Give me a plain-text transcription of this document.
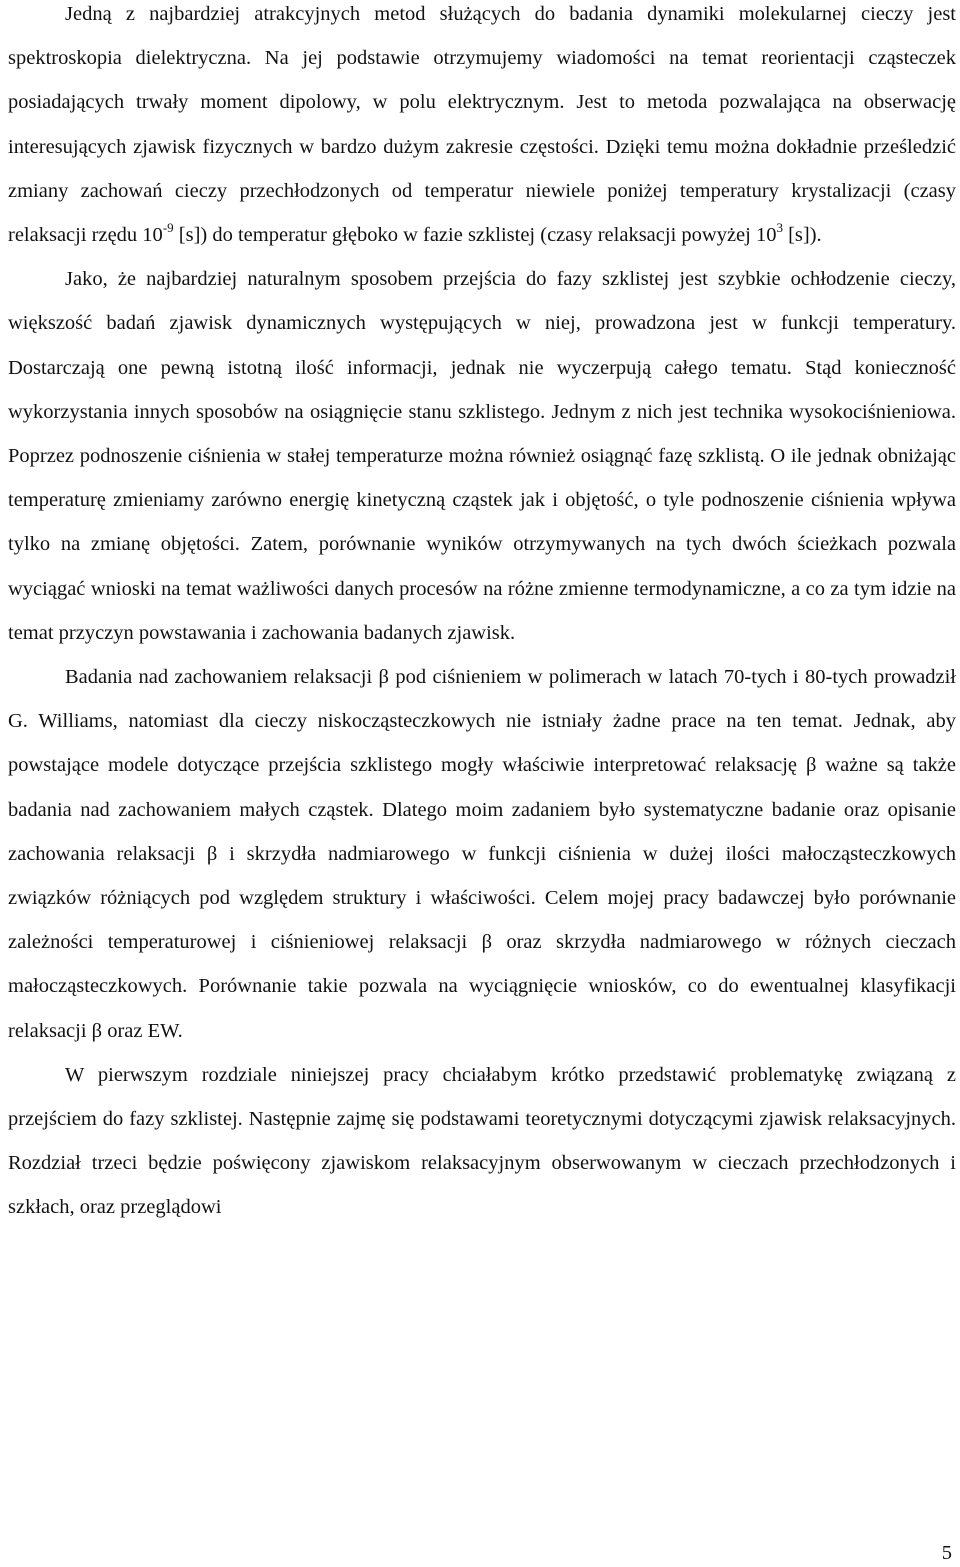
Jedną z najbardziej atrakcyjnych metod służących do badania dynamiki molekularnej cieczy jest spektroskopia dielektryczna. Na jej podstawie otrzymujemy wiadomości na temat reorientacji cząsteczek posiadających trwały moment dipolowy, w polu elektrycznym. Jest to metoda pozwalająca na obserwację interesujących zjawisk fizycznych w bardzo dużym zakresie częstości. Dzięki temu można dokładnie prześledzić zmiany zachowań cieczy przechłodzonych od temperatur niewiele poniżej temperatury krystalizacji (czasy relaksacji rzędu $10^{-9}$ [s]) do temperatur głęboko w fazie szklistej (czasy relaksacji powyżej $10^3$ [s]).

Jako, że najbardziej naturalnym sposobem przejścia do fazy szklistej jest szybkie ochłodzenie cieczy, większość badań zjawisk dynamicznych występujących w niej, prowadzona jest w funkcji temperatury. Dostarczają one pewną istotną ilość informacji, jednak nie wyczerpują całego tematu. Stąd konieczność wykorzystania innych sposobów na osiągnięcie stanu szklistego. Jednym z nich jest technika wysokociśnieniowa. Poprzez podnoszenie ciśnienia w stałej temperaturze można również osiągnąć fazę szklistą. O ile jednak obniżając temperaturę zmieniamy zarówno energię kinetyczną cząstek jak i objętość, o tyle podnoszenie ciśnienia wpływa tylko na zmianę objętości. Zatem, porównanie wyników otrzymywanych na tych dwóch ścieżkach pozwala wyciągać wnioski na temat ważliwości danych procesów na różne zmienne termodynamiczne, a co za tym idzie na temat przyczyn powstawania i zachowania badanych zjawisk.

Badania nad zachowaniem relaksacji β pod ciśnieniem w polimerach w latach 70-tych i 80-tych prowadził G. Williams, natomiast dla cieczy niskocząsteczkowych nie istniały żadne prace na ten temat. Jednak, aby powstające modele dotyczące przejścia szklistego mogły właściwie interpretować relaksację β ważne są także badania nad zachowaniem małych cząstek. Dlatego moim zadaniem było systematyczne badanie oraz opisanie zachowania relaksacji β i skrzydła nadmiarowego w funkcji ciśnienia w dużej ilości małocząsteczkowych związków różniących pod względem struktury i właściwości. Celem mojej pracy badawczej było porównanie zależności temperaturowej i ciśnieniowej relaksacji β oraz skrzydła nadmiarowego w różnych cieczach małocząsteczkowych. Porównanie takie pozwala na wyciągnięcie wniosków, co do ewentualnej klasyfikacji relaksacji β oraz EW.

W pierwszym rozdziale niniejszej pracy chciałabym krótko przedstawić problematykę związaną z przejściem do fazy szklistej. Następnie zajmę się podstawami teoretycznymi dotyczącymi zjawisk relaksacyjnych. Rozdział trzeci będzie poświęcony zjawiskom relaksacyjnym obserwowanym w cieczach przechłodzonych i szkłach, oraz przeglądowi

5
